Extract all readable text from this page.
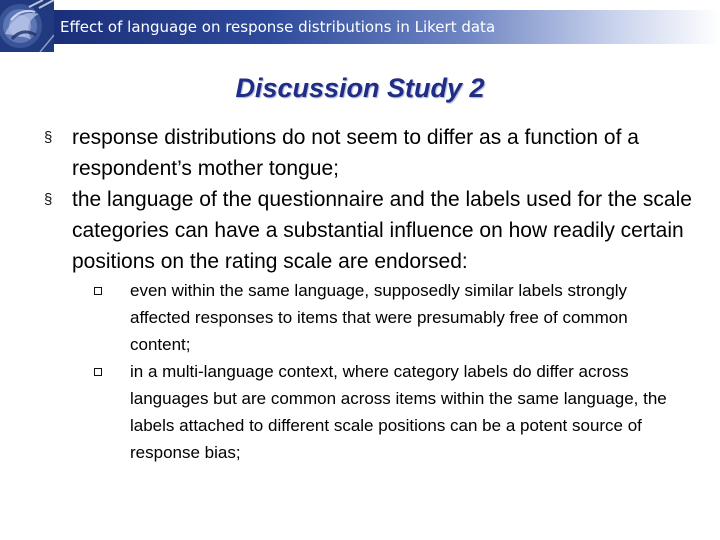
Effect of language on response distributions in Likert data
Discussion Study 2
§ response distributions do not seem to differ as a function of a respondent’s mother tongue;
§ the language of the questionnaire and the labels used for the scale categories can have a substantial influence on how readily certain positions on the rating scale are endorsed:
even within the same language, supposedly similar labels strongly affected responses to items that were presumably free of common content;
in a multi-language context, where category labels do differ across languages but are common across items within the same language, the labels attached to different scale positions can be a potent source of response bias;
